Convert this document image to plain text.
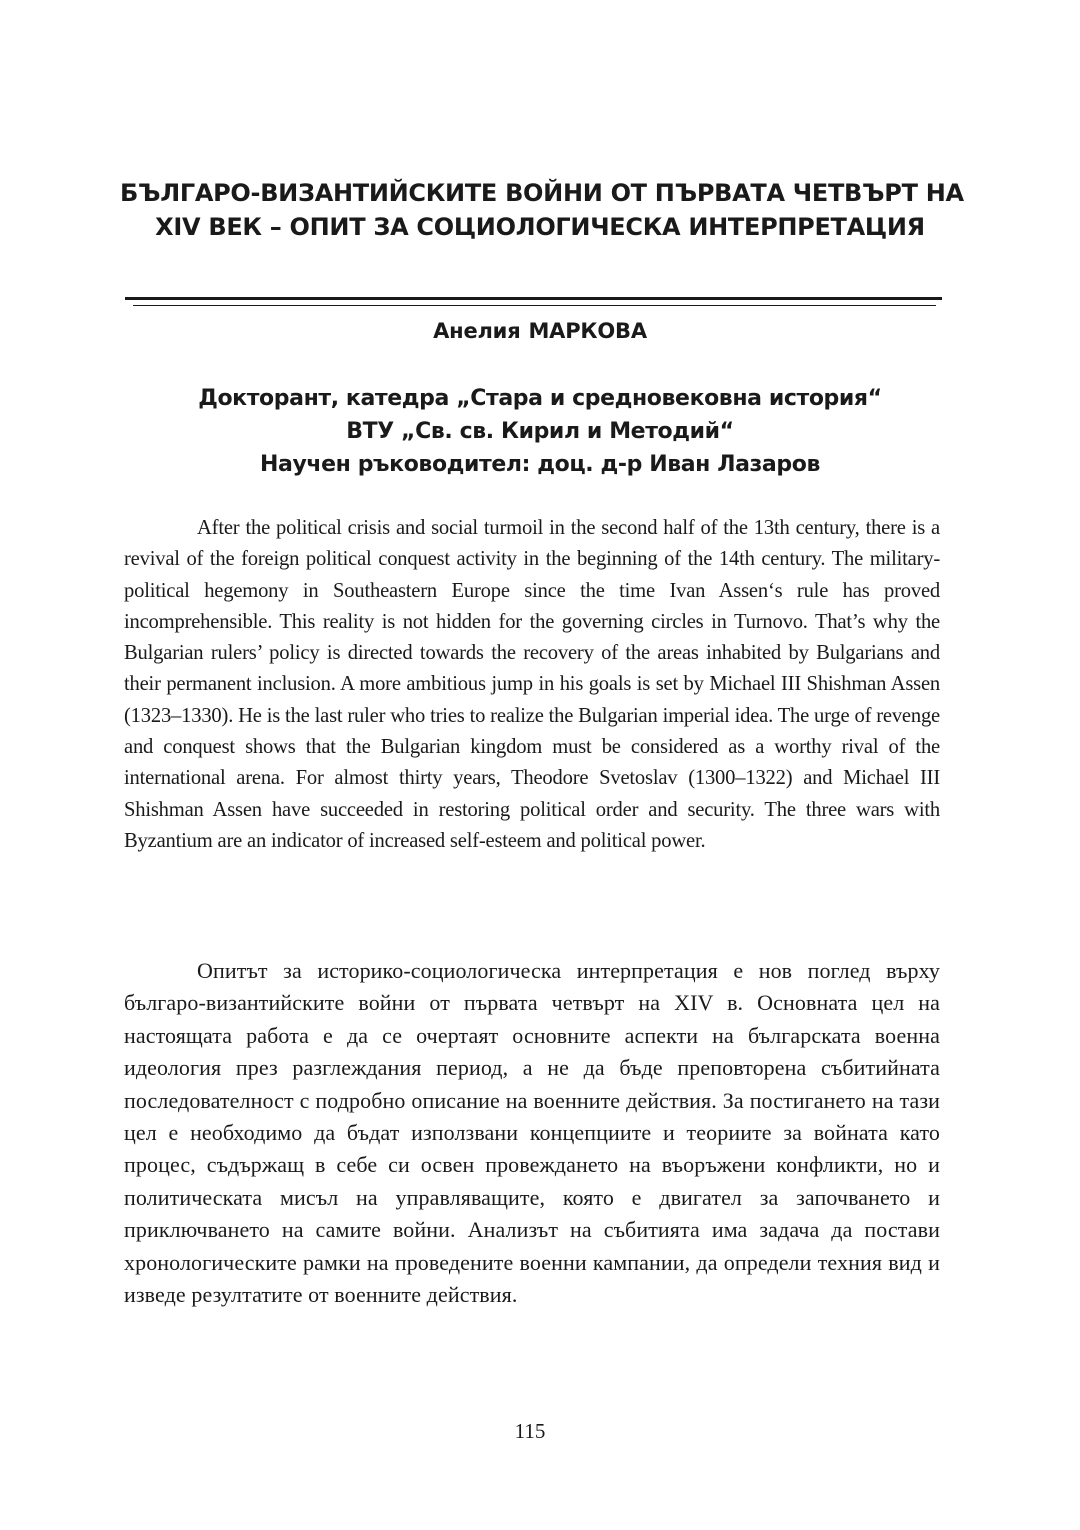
БЪЛГАРО-ВИЗАНТИЙСКИТЕ ВОЙНИ ОТ ПЪРВАТА ЧЕТВЪРТ НА
XIV ВЕК – ОПИТ ЗА СОЦИОЛОГИЧЕСКА ИНТЕРПРЕТАЦИЯ
Анелия МАРКОВА
Докторант, катедра „Стара и средновековна история“
ВТУ „Св. св. Кирил и Методий“
Научен ръководител: доц. д-р Иван Лазаров

After the political crisis and social turmoil in the second half of the 13th century, there is a revival of the foreign political conquest activity in the beginning of the 14th century. The military-political hegemony in Southeastern Europe since the time Ivan Assen‘s rule has proved incomprehensible. This reality is not hidden for the governing circles in Turnovo. That’s why the Bulgarian rulers’ policy is directed towards the recovery of the areas inhabited by Bulgarians and their permanent inclusion. A more ambitious jump in his goals is set by Michael III Shishman Assen (1323–1330). He is the last ruler who tries to realize the Bulgarian imperial idea. The urge of revenge and conquest shows that the Bulgarian kingdom must be considered as a worthy rival of the international arena. For almost thirty years, Theodore Svetoslav (1300–1322) and Michael III Shishman Assen have succeeded in restoring political order and security. The three wars with Byzantium are an indicator of increased self-esteem and political power.

Опитът за историко-социологическа интерпретация е нов поглед върху българо-византийските войни от първата четвърт на XIV в. Основната цел на настоящата работа е да се очертаят основните аспекти на българската военна идеология през разглеждания период, а не да бъде преповторена събитийната последователност с подробно описание на военните действия. За постигането на тази цел е необходимо да бъдат използвани концепциите и теориите за войната като процес, съдържащ в себе си освен провеждането на въоръжени конфликти, но и политическата мисъл на управляващите, която е двигател за започването и приключването на самите войни. Анализът на събитията има задача да постави хронологическите рамки на проведените военни кампании, да определи техния вид и изведе резултатите от военните действия.

115
